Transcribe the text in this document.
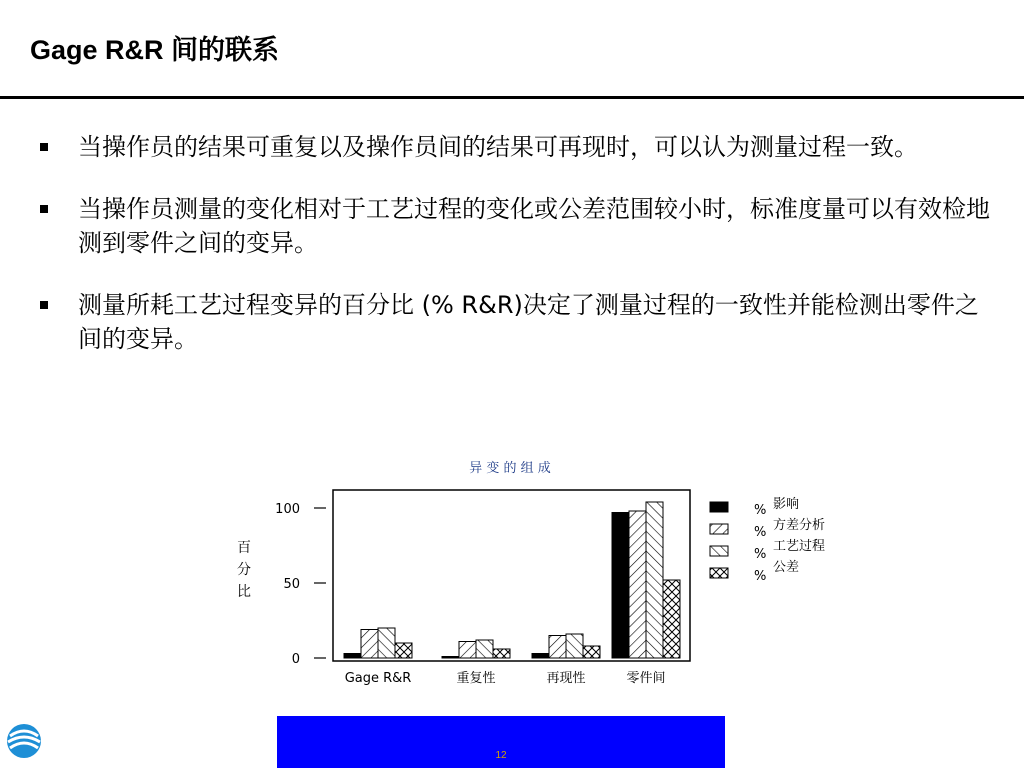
Gage R&R 间的联系
当操作员的结果可重复以及操作员间的结果可再现时，可以认为测量过程一致。
当操作员测量的变化相对于工艺过程的变化或公差范围较小时，标准度量可以有效检地测到零件之间的变异。
测量所耗工艺过程变异的百分比 (% R&R)决定了测量过程的一致性并能检测出零件之间的变异。
异 变 的 组 成
百
分
比
0
50
100
Gage R&R	重复性	再现性	零件间
% 影响
% 方差分析
%
工艺过程
%
公差
12
